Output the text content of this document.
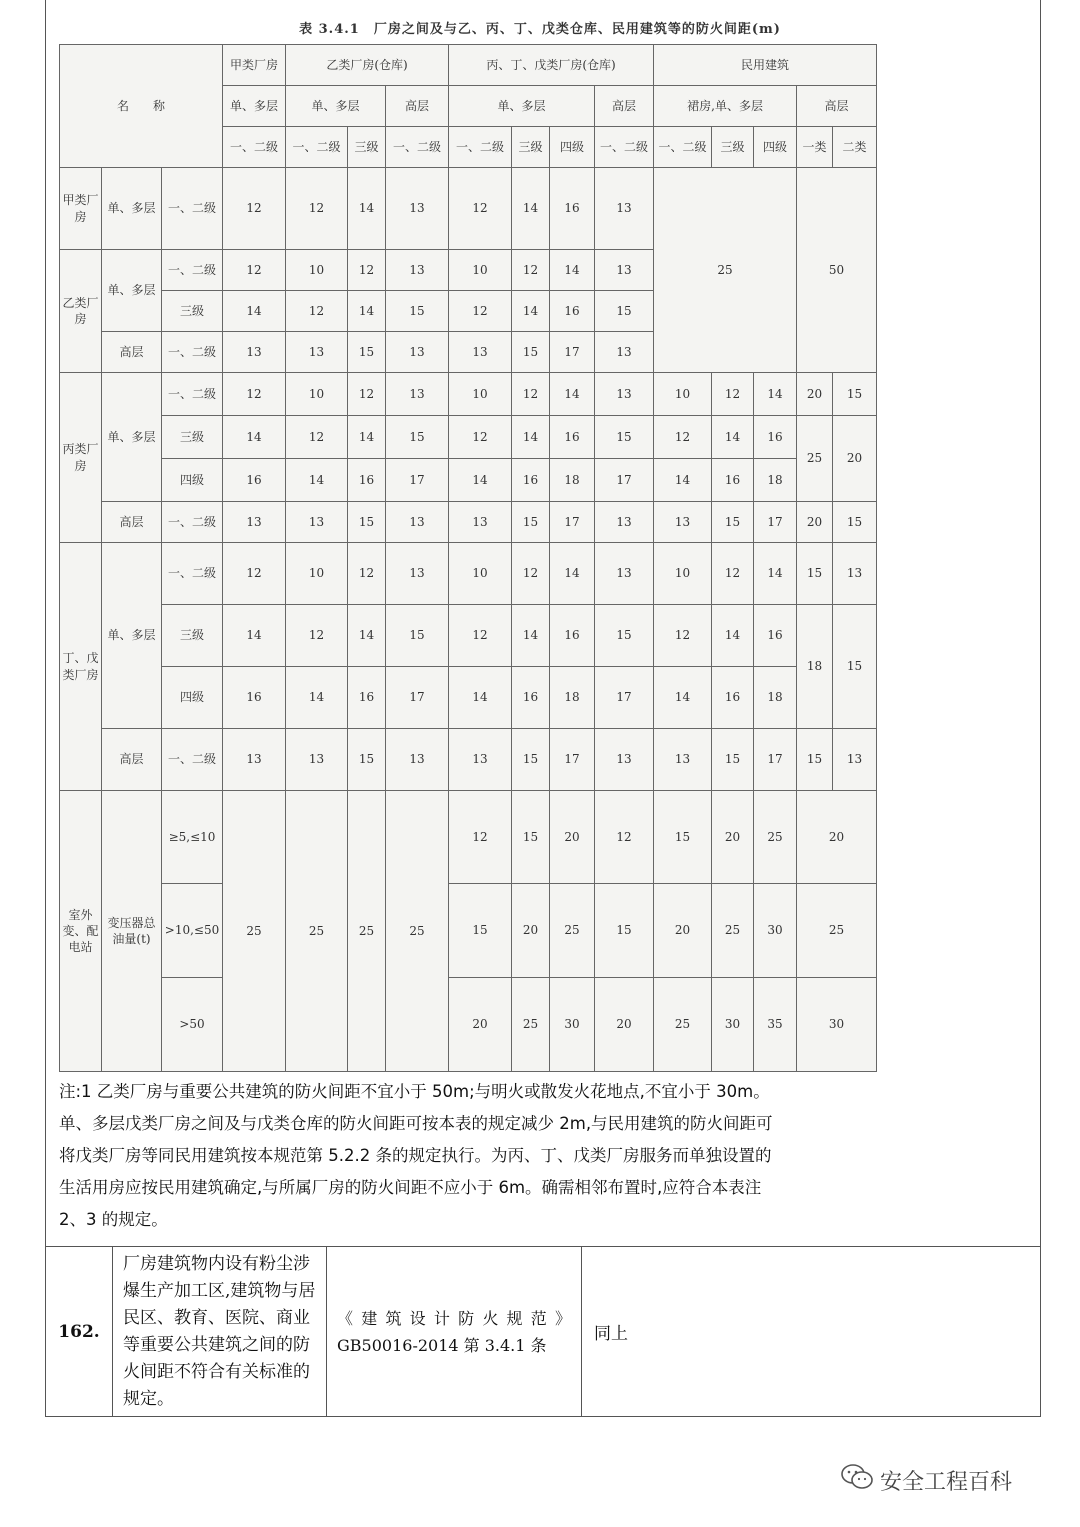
表 3.4.1　厂房之间及与乙、丙、丁、戊类仓库、民用建筑等的防火间距(m)
名　　称			甲类厂房	乙类厂房(仓库)			丙、丁、戊类厂房(仓库)				民用建筑				
			单、多层	单、多层		高层	单、多层			高层	裙房,单、多层			高层	
			一、二级	一、二级	三级	一、二级	一、二级	三级	四级	一、二级	一、二级	三级	四级	一类	二类
甲类厂房	单、多层	一、二级	12	12	14	13	12	14	16	13	25			50	
乙类厂房	单、多层	一、二级	12	10	12	13	10	12	14	13					
		三级	14	12	14	15	12	14	16	15					
	高层	一、二级	13	13	15	13	13	15	17	13					
丙类厂房	单、多层	一、二级	12	10	12	13	10	12	14	13	10	12	14	20	15
		三级	14	12	14	15	12	14	16	15	12	14	16	25	20
		四级	16	14	16	17	14	16	18	17	14	16	18		
	高层	一、二级	13	13	15	13	13	15	17	13	13	15	17	20	15
丁、戊类厂房	单、多层	一、二级	12	10	12	13	10	12	14	13	10	12	14	15	13
		三级	14	12	14	15	12	14	16	15	12	14	16	18	15
		四级	16	14	16	17	14	16	18	17	14	16	18		
	高层	一、二级	13	13	15	13	13	15	17	13	13	15	17	15	13
室外变、配电站	变压器总油量(t)	≥5,≤10	25	25	25	25	12	15	20	12	15	20	25	20	
		>10,≤50					15	20	25	15	20	25	30	25	
		>50					20	25	30	20	25	30	35	30	
注:1 乙类厂房与重要公共建筑的防火间距不宜小于 50m;与明火或散发火花地点,不宜小于 30m。
单、多层戊类厂房之间及与戊类仓库的防火间距可按本表的规定减少 2m,与民用建筑的防火间距可
将戊类厂房等同民用建筑按本规范第 5.2.2 条的规定执行。为丙、丁、戊类厂房服务而单独设置的
生活用房应按民用建筑确定,与所属厂房的防火间距不应小于 6m。确需相邻布置时,应符合本表注
2、3 的规定。
162.	厂房建筑物内设有粉尘涉爆生产加工区,建筑物与居民区、教育、医院、商业等重要公共建筑之间的防火间距不符合有关标准的规定。	
《建筑设计防火规范》
GB50016-2014 第 3.4.1 条
	同上
安全工程百科
